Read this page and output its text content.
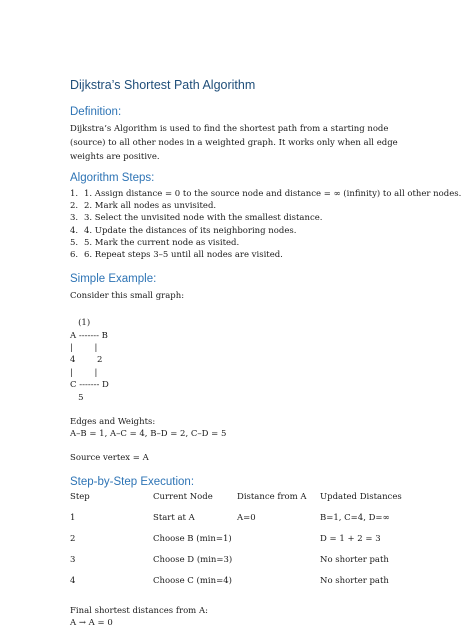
Dijkstra’s Shortest Path Algorithm
Definition:

Dijkstra’s Algorithm is used to find the shortest path from a starting node (source) to all other nodes in a weighted graph. It works only when all edge weights are positive.

Algorithm Steps:
1. 1. Assign distance = 0 to the source node and distance = ∞ (infinity) to all other nodes.
2. 2. Mark all nodes as unvisited.
3. 3. Select the unvisited node with the smallest distance.
4. 4. Update the distances of its neighboring nodes.
5. 5. Mark the current node as visited.
6. 6. Repeat steps 3–5 until all nodes are visited.
Simple Example:

Consider this small graph:

(1)
A ------- B
|        |
4        2
|        |
C ------- D
5

Edges and Weights:

A–B = 1, A–C = 4, B–D = 2, C–D = 5

Source vertex = A

Step-by-Step Execution:
Step	Current Node	Distance from A	Updated Distances
1	Start at A	A=0	B=1, C=4, D=∞
2	Choose B (min=1)		D = 1 + 2 = 3
3	Choose D (min=3)		No shorter path
4	Choose C (min=4)		No shorter path

Final shortest distances from A:

A → A = 0
